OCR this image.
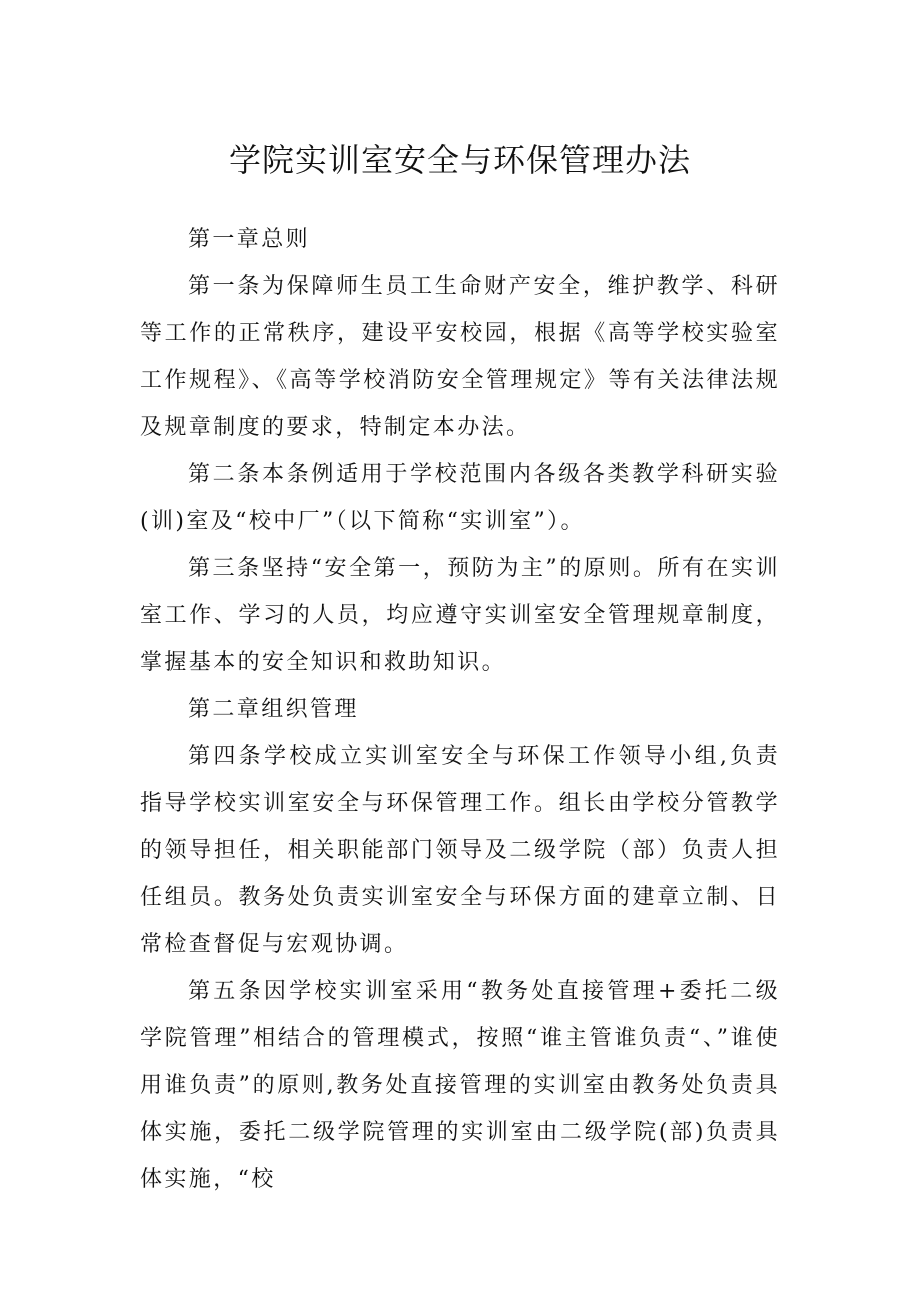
学院实训室安全与环保管理办法

第一章总则

第一条为保障师生员工生命财产安全，维护教学、科研等工作的正常秩序，建设平安校园，根据《高等学校实验室工作规程》、《高等学校消防安全管理规定》等有关法律法规及规章制度的要求，特制定本办法。

第二条本条例适用于学校范围内各级各类教学科研实验(训)室及“校中厂”（以下简称“实训室”）。

第三条坚持“安全第一，预防为主”的原则。所有在实训室工作、学习的人员，均应遵守实训室安全管理规章制度，掌握基本的安全知识和救助知识。

第二章组织管理

第四条学校成立实训室安全与环保工作领导小组,负责指导学校实训室安全与环保管理工作。组长由学校分管教学的领导担任，相关职能部门领导及二级学院（部）负责人担任组员。教务处负责实训室安全与环保方面的建章立制、日常检查督促与宏观协调。

第五条因学校实训室采用“教务处直接管理+委托二级学院管理”相结合的管理模式，按照“谁主管谁负责“、”谁使用谁负责”的原则,教务处直接管理的实训室由教务处负责具体实施，委托二级学院管理的实训室由二级学院(部)负责具体实施，“校
